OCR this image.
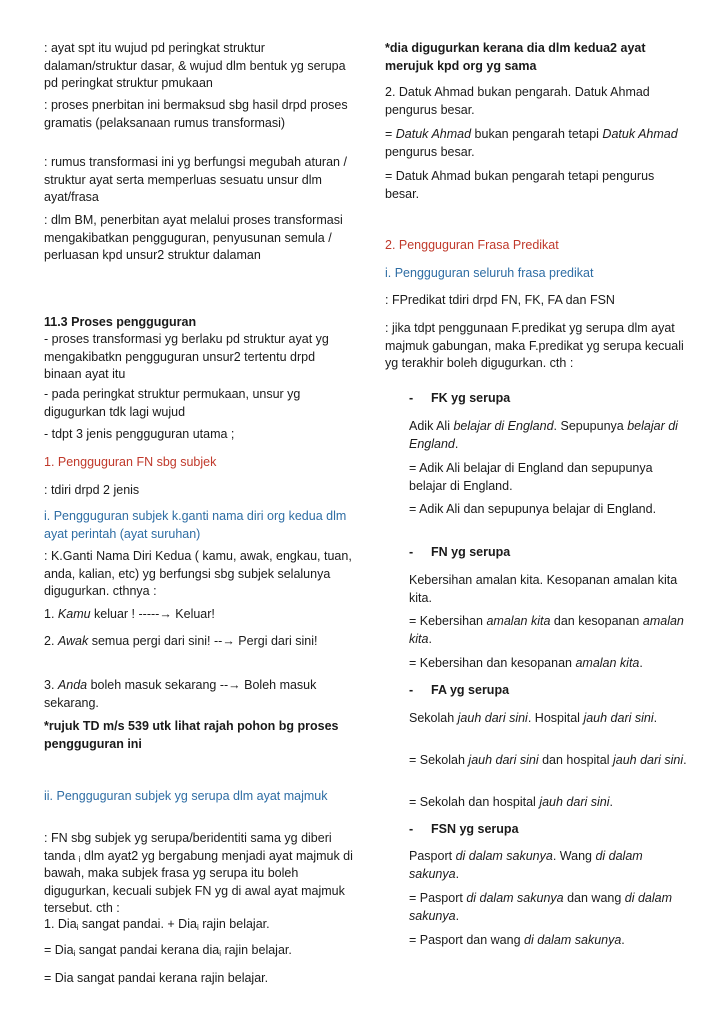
: ayat spt itu wujud pd peringkat struktur dalaman/struktur dasar, & wujud dlm bentuk yg serupa pd peringkat struktur pmukaan
: proses pnerbitan ini bermaksud sbg hasil drpd proses gramatis (pelaksanaan rumus transformasi)
: rumus transformasi ini yg berfungsi megubah aturan / struktur ayat serta memperluas sesuatu unsur dlm ayat/frasa
: dlm BM, penerbitan ayat melalui proses transformasi mengakibatkan pengguguran, penyusunan semula / perluasan kpd unsur2 struktur dalaman
11.3 Proses pengguguran
- proses transformasi yg berlaku pd struktur ayat yg mengakibatkn pengguguran unsur2 tertentu drpd binaan ayat itu
- pada peringkat struktur permukaan, unsur yg digugurkan tdk lagi wujud
- tdpt 3 jenis pengguguran utama ;
1. Pengguguran FN sbg subjek
: tdiri drpd 2 jenis
i. Pengguguran subjek k.ganti nama diri org kedua dlm ayat perintah (ayat suruhan)
: K.Ganti Nama Diri Kedua ( kamu, awak, engkau, tuan, anda, kalian, etc) yg berfungsi sbg subjek selalunya digugurkan. cthnya :
1. Kamu keluar ! -----→ Keluar!
2. Awak semua pergi dari sini! --→ Pergi dari sini!
3. Anda boleh masuk sekarang --→ Boleh masuk sekarang.
*rujuk TD m/s 539 utk lihat rajah pohon bg proses pengguguran ini
ii. Pengguguran subjek yg serupa dlm ayat majmuk
: FN sbg subjek yg serupa/beridentiti sama yg diberi tanda $_i$ dlm ayat2 yg bergabung menjadi ayat majmuk di bawah, maka subjek frasa yg serupa itu boleh digugurkan, kecuali subjek FN yg di awal ayat majmuk tersebut. cth :
1. Dia$_i$ sangat pandai. + Dia$_i$ rajin belajar.
= Dia$_i$ sangat pandai kerana dia$_i$ rajin belajar.
= Dia sangat pandai kerana rajin belajar.
*dia digugurkan kerana dia dlm kedua2 ayat merujuk kpd org yg sama
2. Datuk Ahmad bukan pengarah. Datuk Ahmad pengurus besar.
= Datuk Ahmad bukan pengarah tetapi Datuk Ahmad pengurus besar.
= Datuk Ahmad bukan pengarah tetapi pengurus besar.
2. Pengguguran Frasa Predikat
i. Pengguguran seluruh frasa predikat
: FPredikat tdiri drpd FN, FK, FA dan FSN
: jika tdpt penggunaan F.predikat yg serupa dlm ayat majmuk gabungan, maka F.predikat yg serupa kecuali yg terakhir boleh digugurkan. cth :
- FK yg serupa
Adik Ali belajar di England. Sepupunya belajar di England.
= Adik Ali belajar di England dan sepupunya belajar di England.
= Adik Ali dan sepupunya belajar di England.
- FN yg serupa
Kebersihan amalan kita. Kesopanan amalan kita kita.
= Kebersihan amalan kita dan kesopanan amalan kita.
= Kebersihan dan kesopanan amalan kita.
- FA yg serupa
Sekolah jauh dari sini. Hospital jauh dari sini.
= Sekolah jauh dari sini dan hospital jauh dari sini.
= Sekolah dan hospital jauh dari sini.
- FSN yg serupa
Pasport di dalam sakunya. Wang di dalam sakunya.
= Pasport di dalam sakunya dan wang di dalam sakunya.
= Pasport dan wang di dalam sakunya.
